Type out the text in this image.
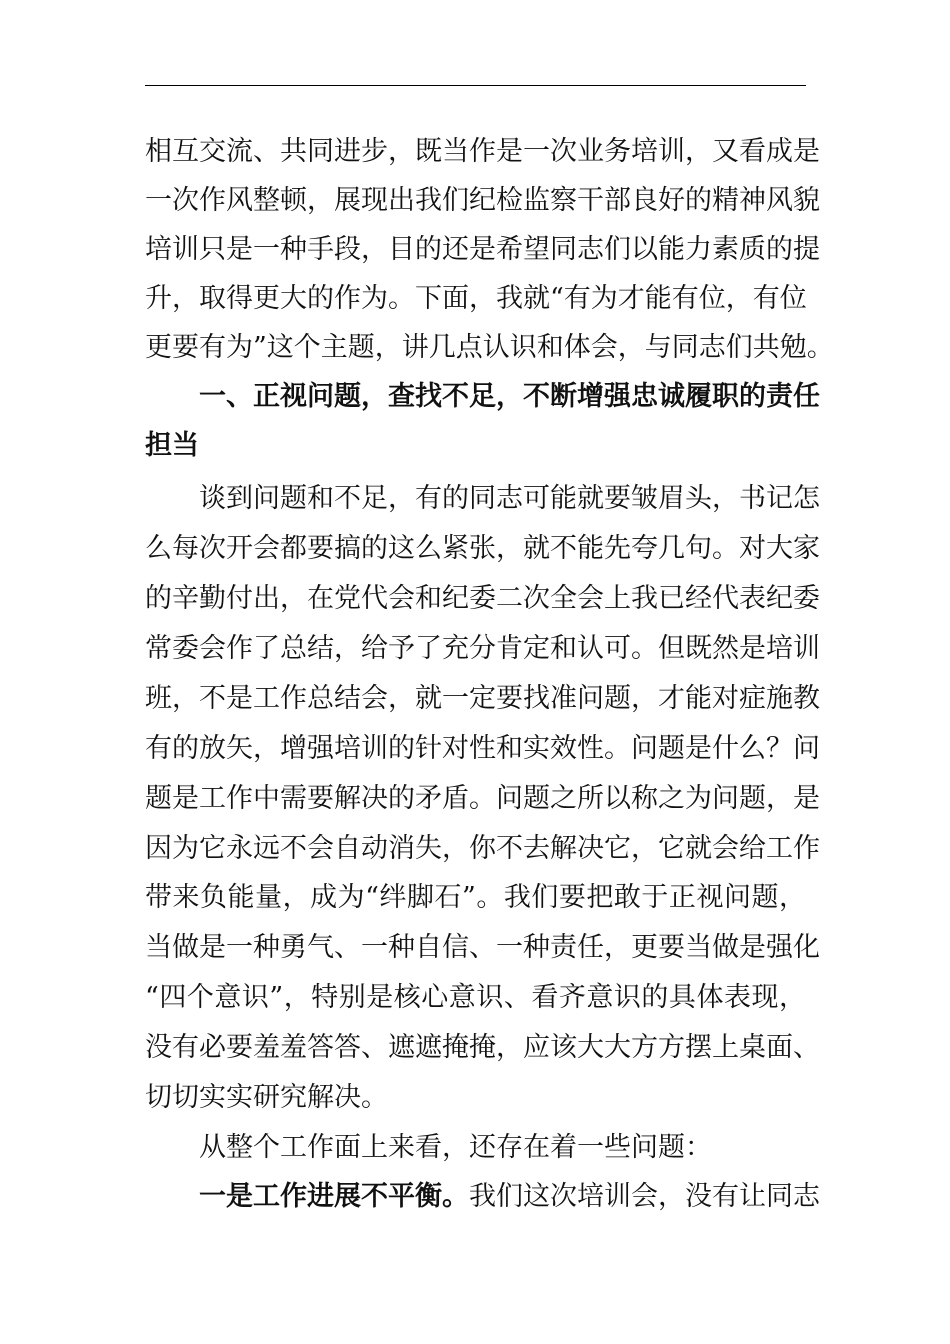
相互交流、共同进步，既当作是一次业务培训，又看成是
一次作风整顿，展现出我们纪检监察干部良好的精神风貌
培训只是一种手段，目的还是希望同志们以能力素质的提
升，取得更大的作为。下面，我就“有为才能有位，有位
更要有为”这个主题，讲几点认识和体会，与同志们共勉。
一、正视问题，查找不足，不断增强忠诚履职的责任
担当
谈到问题和不足，有的同志可能就要皱眉头，书记怎
么每次开会都要搞的这么紧张，就不能先夸几句。对大家
的辛勤付出，在党代会和纪委二次全会上我已经代表纪委
常委会作了总结，给予了充分肯定和认可。但既然是培训
班，不是工作总结会，就一定要找准问题，才能对症施教
有的放矢，增强培训的针对性和实效性。问题是什么？问
题是工作中需要解决的矛盾。问题之所以称之为问题，是
因为它永远不会自动消失，你不去解决它，它就会给工作
带来负能量，成为“绊脚石”。我们要把敢于正视问题，
当做是一种勇气、一种自信、一种责任，更要当做是强化
“四个意识”，特别是核心意识、看齐意识的具体表现，
没有必要羞羞答答、遮遮掩掩，应该大大方方摆上桌面、
切切实实研究解决。
从整个工作面上来看，还存在着一些问题：
一是工作进展不平衡。我们这次培训会，没有让同志
